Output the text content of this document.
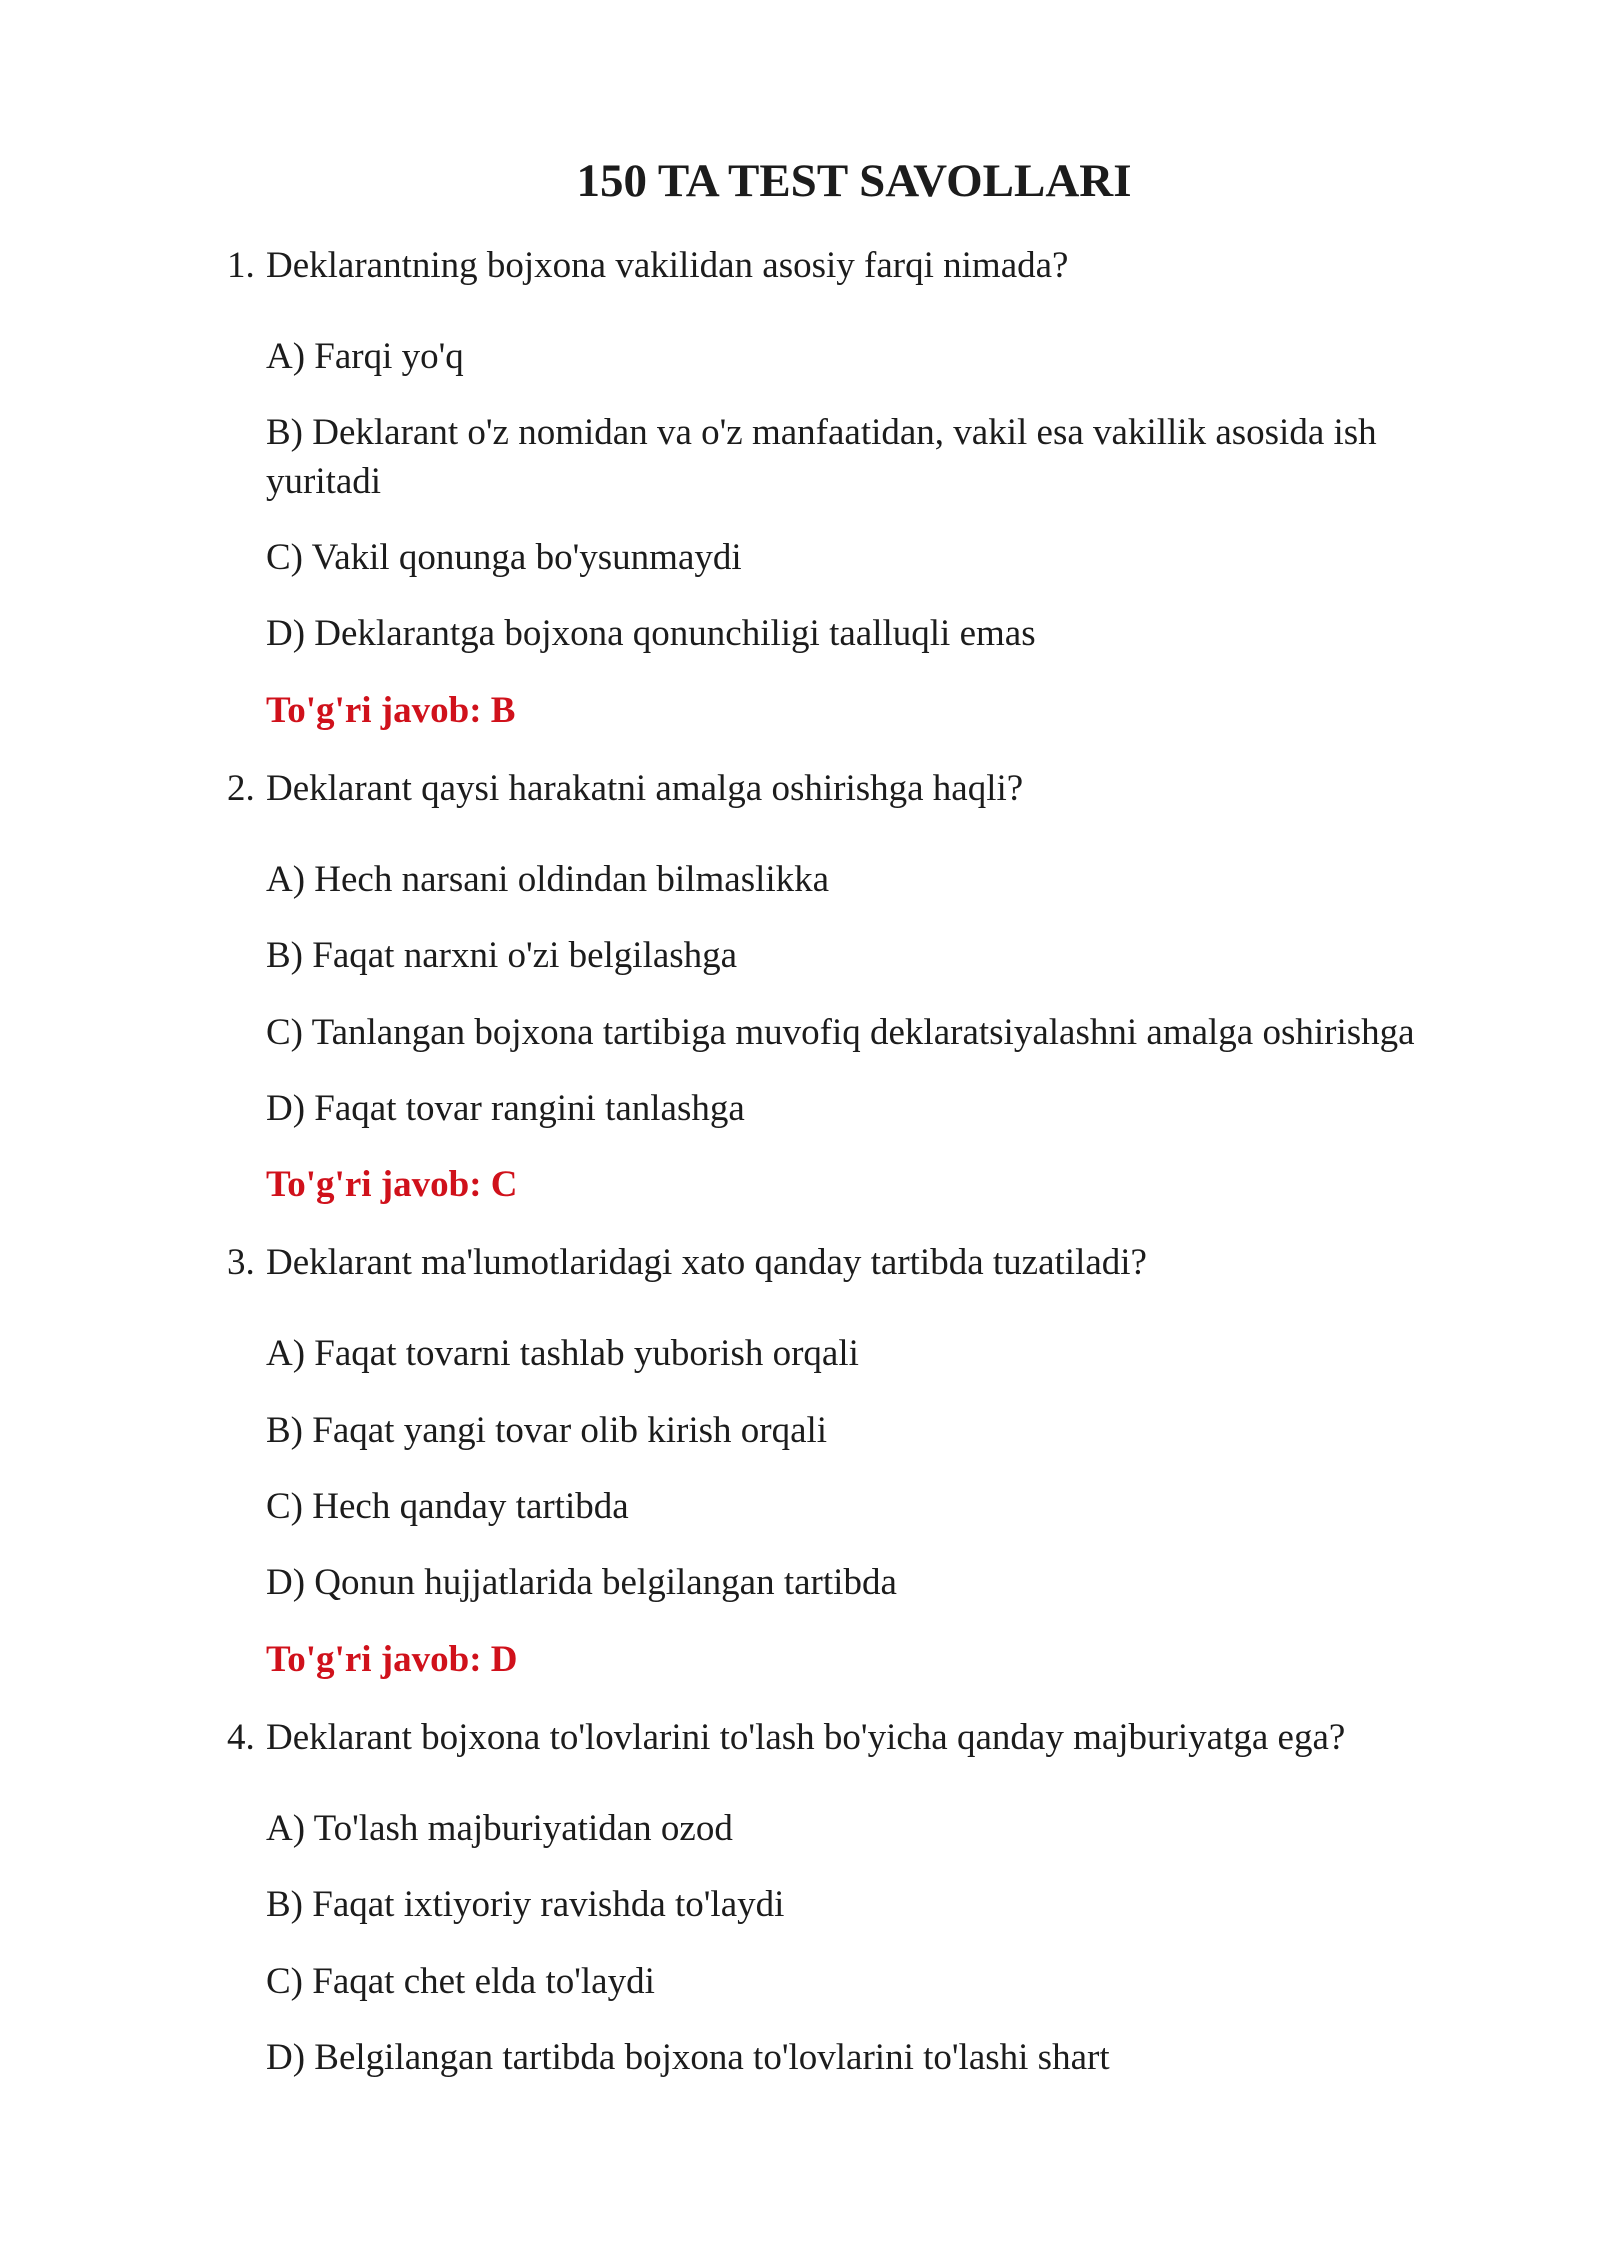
150 TA TEST SAVOLLARI
1. Deklarantning bojxona vakilidan asosiy farqi nimada?
A) Farqi yo'q
B) Deklarant o'z nomidan va o'z manfaatidan, vakil esa vakillik asosida ish yuritadi
C) Vakil qonunga bo'ysunmaydi
D) Deklarantga bojxona qonunchiligi taalluqli emas
To'g'ri javob: B
2. Deklarant qaysi harakatni amalga oshirishga haqli?
A) Hech narsani oldindan bilmaslikka
B) Faqat narxni o'zi belgilashga
C) Tanlangan bojxona tartibiga muvofiq deklaratsiyalashni amalga oshirishga
D) Faqat tovar rangini tanlashga
To'g'ri javob: C
3. Deklarant ma'lumotlaridagi xato qanday tartibda tuzatiladi?
A) Faqat tovarni tashlab yuborish orqali
B) Faqat yangi tovar olib kirish orqali
C) Hech qanday tartibda
D) Qonun hujjatlarida belgilangan tartibda
To'g'ri javob: D
4. Deklarant bojxona to'lovlarini to'lash bo'yicha qanday majburiyatga ega?
A) To'lash majburiyatidan ozod
B) Faqat ixtiyoriy ravishda to'laydi
C) Faqat chet elda to'laydi
D) Belgilangan tartibda bojxona to'lovlarini to'lashi shart
